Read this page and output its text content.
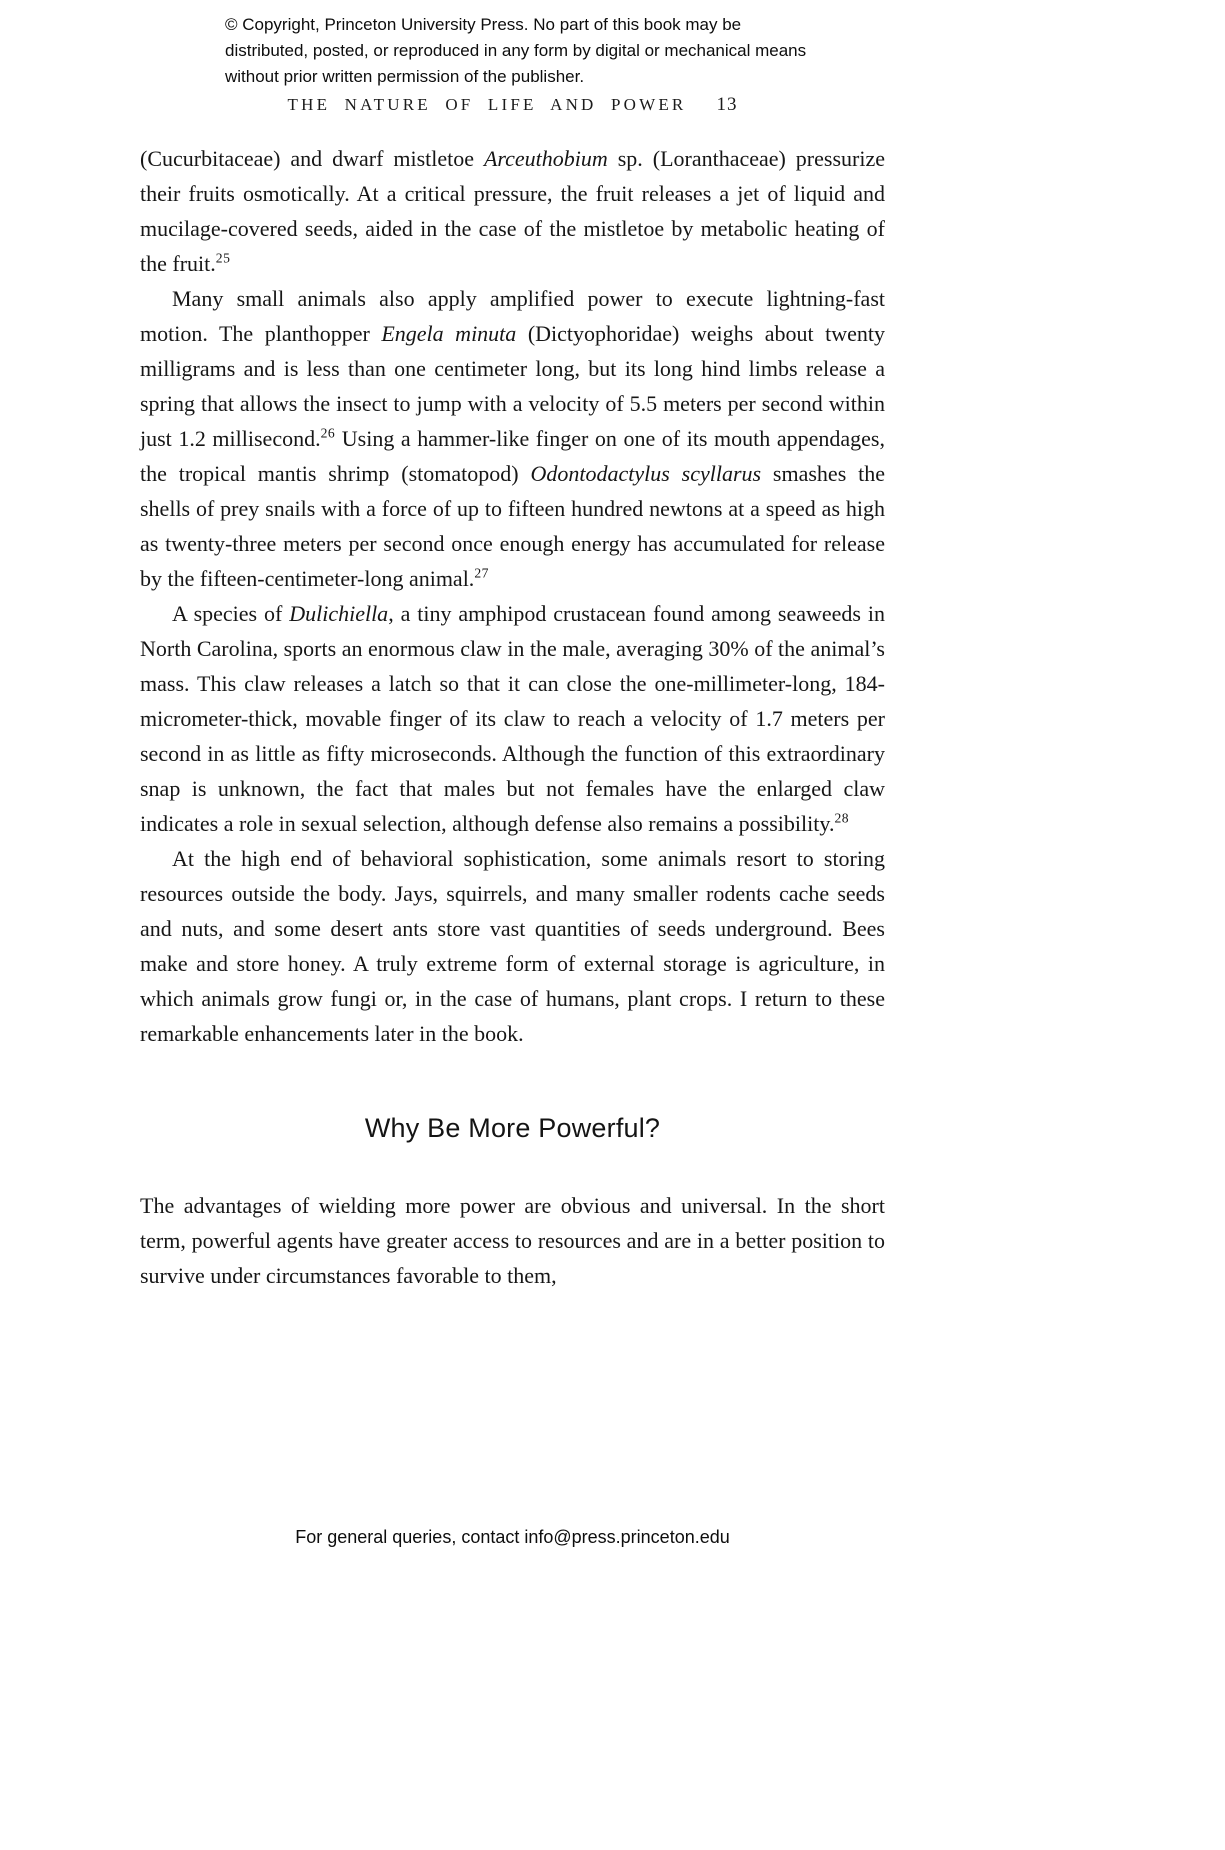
© Copyright, Princeton University Press. No part of this book may be distributed, posted, or reproduced in any form by digital or mechanical means without prior written permission of the publisher.
THE NATURE OF LIFE AND POWER 13

(Cucurbitaceae) and dwarf mistletoe Arceuthobium sp. (Loranthaceae) pressurize their fruits osmotically. At a critical pressure, the fruit releases a jet of liquid and mucilage-covered seeds, aided in the case of the mistletoe by metabolic heating of the fruit.$^{25}$

Many small animals also apply amplified power to execute lightning-fast motion. The planthopper Engela minuta (Dictyophoridae) weighs about twenty milligrams and is less than one centimeter long, but its long hind limbs release a spring that allows the insect to jump with a velocity of 5.5 meters per second within just 1.2 millisecond.$^{26}$ Using a hammer-like finger on one of its mouth appendages, the tropical mantis shrimp (stomatopod) Odontodactylus scyllarus smashes the shells of prey snails with a force of up to fifteen hundred newtons at a speed as high as twenty-three meters per second once enough energy has accumulated for release by the fifteen-centimeter-long animal.$^{27}$

A species of Dulichiella, a tiny amphipod crustacean found among seaweeds in North Carolina, sports an enormous claw in the male, averaging 30% of the animal’s mass. This claw releases a latch so that it can close the one-millimeter-long, 184-micrometer-thick, movable finger of its claw to reach a velocity of 1.7 meters per second in as little as fifty microseconds. Although the function of this extraordinary snap is unknown, the fact that males but not females have the enlarged claw indicates a role in sexual selection, although defense also remains a possibility.$^{28}$

At the high end of behavioral sophistication, some animals resort to storing resources outside the body. Jays, squirrels, and many smaller rodents cache seeds and nuts, and some desert ants store vast quantities of seeds underground. Bees make and store honey. A truly extreme form of external storage is agriculture, in which animals grow fungi or, in the case of humans, plant crops. I return to these remarkable enhancements later in the book.

Why Be More Powerful?

The advantages of wielding more power are obvious and universal. In the short term, powerful agents have greater access to resources and are in a better position to survive under circumstances favorable to them,

For general queries, contact info@press.princeton.edu
